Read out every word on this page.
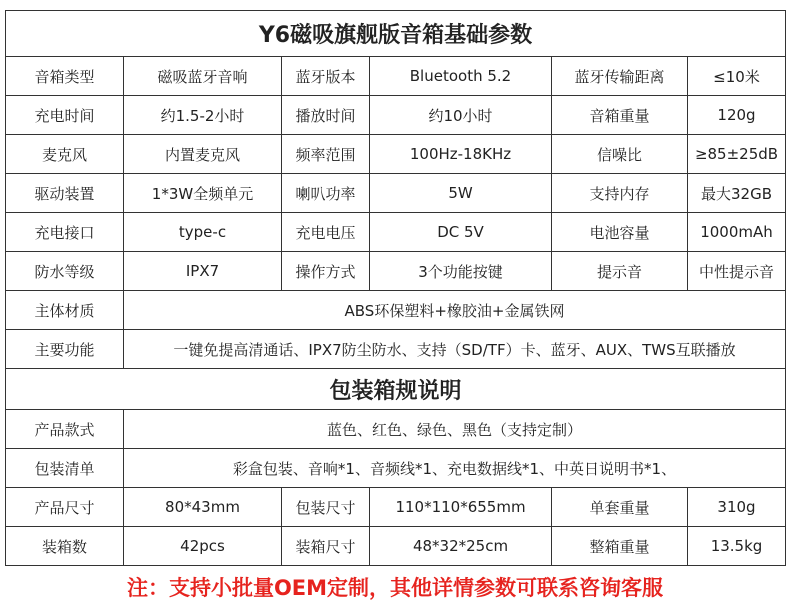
Y6磁吸旗舰版音箱基础参数					
音箱类型	磁吸蓝牙音响	蓝牙版本	Bluetooth 5.2	蓝牙传输距离	≤10米
充电时间	约1.5-2小时	播放时间	约10小时	音箱重量	120g
麦克风	内置麦克风	频率范围	100Hz-18KHz	信噪比	≥85±25dB
驱动装置	1*3W全频单元	喇叭功率	5W	支持内存	最大32GB
充电接口	type-c	充电电压	DC 5V	电池容量	1000mAh
防水等级	IPX7	操作方式	3个功能按键	提示音	中性提示音
主体材质	ABS环保塑料+橡胶油+金属铁网				
主要功能	一键免提高清通话、IPX7防尘防水、支持（SD/TF）卡、蓝牙、AUX、TWS互联播放				
包装箱规说明					
产品款式	蓝色、红色、绿色、黑色（支持定制）				
包装清单	彩盒包装、音响*1、音频线*1、充电数据线*1、中英日说明书*1、				
产品尺寸	80*43mm	包装尺寸	110*110*655mm	单套重量	310g
装箱数	42pcs	装箱尺寸	48*32*25cm	整箱重量	13.5kg
注：支持小批量OEM定制，其他详情参数可联系咨询客服
